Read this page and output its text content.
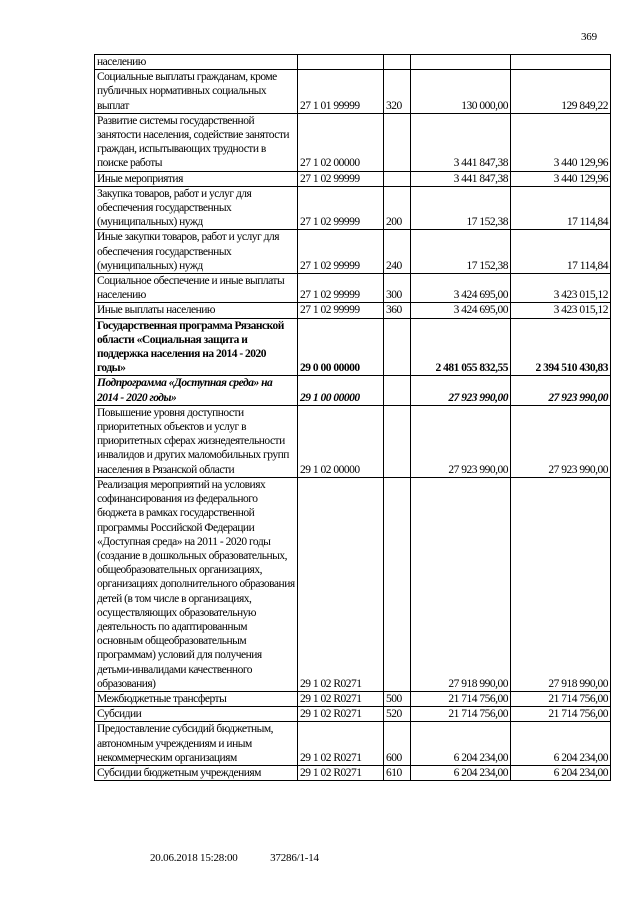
369
населению				
Социальные выплаты гражданам, кроме публичных нормативных социальных выплат	27 1 01 99999	320	130 000,00	129 849,22
Развитие системы государственной занятости населения, содействие занятости граждан, испытывающих трудности в поиске работы	27 1 02 00000		3 441 847,38	3 440 129,96
Иные мероприятия	27 1 02 99999		3 441 847,38	3 440 129,96
Закупка товаров, работ и услуг для обеспечения государственных (муниципальных) нужд	27 1 02 99999	200	17 152,38	17 114,84
Иные закупки товаров, работ и услуг для обеспечения государственных (муниципальных) нужд	27 1 02 99999	240	17 152,38	17 114,84
Социальное обеспечение и иные выплаты населению	27 1 02 99999	300	3 424 695,00	3 423 015,12
Иные выплаты населению	27 1 02 99999	360	3 424 695,00	3 423 015,12
Государственная программа Рязанской области «Социальная защита и поддержка населения на 2014 - 2020 годы»	29 0 00 00000		2 481 055 832,55	2 394 510 430,83
Подпрограмма «Доступная среда» на 2014 - 2020 годы»	29 1 00 00000		27 923 990,00	27 923 990,00
Повышение уровня доступности приоритетных объектов и услуг в приоритетных сферах жизнедеятельности инвалидов и других маломобильных групп населения в Рязанской области	29 1 02 00000		27 923 990,00	27 923 990,00
Реализация мероприятий на условиях софинансирования из федерального бюджета в рамках государственной программы Российской Федерации «Доступная среда» на 2011 - 2020 годы (создание в дошкольных образовательных, общеобразовательных организациях, организациях дополнительного образования детей (в том числе в организациях, осуществляющих образовательную деятельность по адаптированным основным общеобразовательным программам) условий для получения детьми-инвалидами качественного образования)	29 1 02 R0271		27 918 990,00	27 918 990,00
Межбюджетные трансферты	29 1 02 R0271	500	21 714 756,00	21 714 756,00
Субсидии	29 1 02 R0271	520	21 714 756,00	21 714 756,00
Предоставление субсидий бюджетным, автономным учреждениям и иным некоммерческим организациям	29 1 02 R0271	600	6 204 234,00	6 204 234,00
Субсидии бюджетным учреждениям	29 1 02 R0271	610	6 204 234,00	6 204 234,00
20.06.2018 15:28:00	37286/1-14
